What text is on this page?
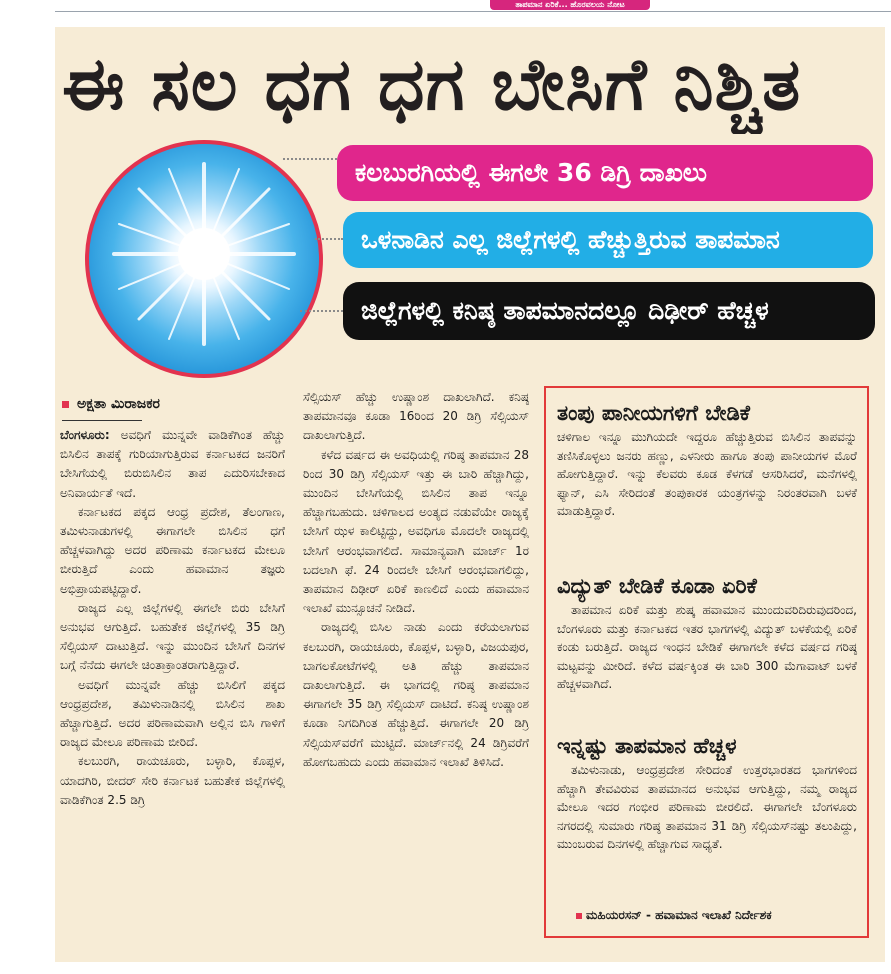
ತಾಪಮಾನ ಏರಿಕೆ... ಹೊರವಲಯ ನೋಟ
ಈ ಸಲ ಧಗ ಧಗ ಬೇಸಿಗೆ ನಿಶ್ಚಿತ
ಕಲಬುರಗಿಯಲ್ಲಿ ಈಗಲೇ 36 ಡಿಗ್ರಿ ದಾಖಲು
ಒಳನಾಡಿನ ಎಲ್ಲ ಜಿಲ್ಲೆಗಳಲ್ಲಿ ಹೆಚ್ಚುತ್ತಿರುವ ತಾಪಮಾನ
ಜಿಲ್ಲೆಗಳಲ್ಲಿ ಕನಿಷ್ಠ ತಾಪಮಾನದಲ್ಲೂ ದಿಢೀರ್ ಹೆಚ್ಚಳ
ಅಕ್ಷತಾ ಮಿರಾಜಕರ

ಬೆಂಗಳೂರು: ಅವಧಿಗೆ ಮುನ್ನವೇ ವಾಡಿಕೆಗಿಂತ ಹೆಚ್ಚು ಬಿಸಿಲಿನ ತಾಪಕ್ಕೆ ಗುರಿಯಾಗುತ್ತಿರುವ ಕರ್ನಾಟಕದ ಜನರಿಗೆ ಬೇಸಿಗೆಯಲ್ಲಿ ಬಿರುಬಿಸಿಲಿನ ತಾಪ ಎದುರಿಸಬೇಕಾದ ಅನಿವಾರ್ಯತೆ ಇದೆ.

ಕರ್ನಾಟಕದ ಪಕ್ಕದ ಆಂಧ್ರ ಪ್ರದೇಶ, ತೆಲಂಗಾಣ, ತಮಿಳುನಾಡುಗಳಲ್ಲಿ ಈಗಾಗಲೇ ಬಿಸಿಲಿನ ಧಗೆ ಹೆಚ್ಚಳವಾಗಿದ್ದು ಅದರ ಪರಿಣಾಮ ಕರ್ನಾಟಕದ ಮೇಲೂ ಬೀರುತ್ತಿದೆ ಎಂದು ಹವಾಮಾನ ತಜ್ಞರು ಅಭಿಪ್ರಾಯಪಟ್ಟಿದ್ದಾರೆ.

ರಾಜ್ಯದ ಎಲ್ಲ ಜಿಲ್ಲೆಗಳಲ್ಲಿ ಈಗಲೇ ಬಿರು ಬೇಸಿಗೆ ಅನುಭವ ಆಗುತ್ತಿದೆ. ಬಹುತೇಕ ಜಿಲ್ಲೆಗಳಲ್ಲಿ 35 ಡಿಗ್ರಿ ಸೆಲ್ಸಿಯಸ್ ದಾಟುತ್ತಿದೆ. ಇನ್ನು ಮುಂದಿನ ಬೇಸಿಗೆ ದಿನಗಳ ಬಗ್ಗೆ ನೆನೆದು ಈಗಲೇ ಚಿಂತಾಕ್ರಾಂತರಾಗುತ್ತಿದ್ದಾರೆ.

ಅವಧಿಗೆ ಮುನ್ನವೇ ಹೆಚ್ಚು ಬಿಸಿಲಿಗೆ ಪಕ್ಕದ ಆಂಧ್ರಪ್ರದೇಶ, ತಮಿಳುನಾಡಿನಲ್ಲಿ ಬಿಸಿಲಿನ ಶಾಖ ಹೆಚ್ಚಾಗುತ್ತಿದೆ. ಅದರ ಪರಿಣಾಮವಾಗಿ ಅಲ್ಲಿನ ಬಿಸಿ ಗಾಳಿಗೆ ರಾಜ್ಯದ ಮೇಲೂ ಪರಿಣಾಮ ಬೀರಿದೆ.

ಕಲಬುರಗಿ, ರಾಯಚೂರು, ಬಳ್ಳಾರಿ, ಕೊಪ್ಪಳ, ಯಾದಗಿರಿ, ಬೀದರ್ ಸೇರಿ ಕರ್ನಾಟಕ ಬಹುತೇಕ ಜಿಲ್ಲೆಗಳಲ್ಲಿ ವಾಡಿಕೆಗಿಂತ 2.5 ಡಿಗ್ರಿ

ಸೆಲ್ಸಿಯಸ್ ಹೆಚ್ಚು ಉಷ್ಣಾಂಶ ದಾಖಲಾಗಿದೆ. ಕನಿಷ್ಠ ತಾಪಮಾನವೂ ಕೂಡಾ 16ರಿಂದ 20 ಡಿಗ್ರಿ ಸೆಲ್ಸಿಯಸ್ ದಾಖಲಾಗುತ್ತಿದೆ.

ಕಳೆದ ವರ್ಷದ ಈ ಅವಧಿಯಲ್ಲಿ ಗರಿಷ್ಠ ತಾಪಮಾನ 28 ರಿಂದ 30 ಡಿಗ್ರಿ ಸೆಲ್ಸಿಯಸ್ ಇತ್ತು ಈ ಬಾರಿ ಹೆಚ್ಚಾಗಿದ್ದು, ಮುಂದಿನ ಬೇಸಿಗೆಯಲ್ಲಿ ಬಿಸಿಲಿನ ತಾಪ ಇನ್ನೂ ಹೆಚ್ಚಾಗಬಹುದು. ಚಳಿಗಾಲದ ಅಂತ್ಯದ ನಡುವೆಯೇ ರಾಜ್ಯಕ್ಕೆ ಬೇಸಿಗೆ ಝಳ ಕಾಲಿಟ್ಟಿದ್ದು, ಅವಧಿಗೂ ಮೊದಲೇ ರಾಜ್ಯದಲ್ಲಿ ಬೇಸಿಗೆ ಆರಂಭವಾಗಲಿದೆ. ಸಾಮಾನ್ಯವಾಗಿ ಮಾರ್ಚ್ 1ರ ಬದಲಾಗಿ ಫೆ. 24 ರಿಂದಲೇ ಬೇಸಿಗೆ ಆರಂಭವಾಗಲಿದ್ದು, ತಾಪಮಾನ ದಿಢೀರ್ ಏರಿಕೆ ಕಾಣಲಿದೆ ಎಂದು ಹವಾಮಾನ ಇಲಾಖೆ ಮುನ್ಸೂಚನೆ ನೀಡಿದೆ.

ರಾಜ್ಯದಲ್ಲಿ ಬಿಸಿಲ ನಾಡು ಎಂದು ಕರೆಯಲಾಗುವ ಕಲಬುರಗಿ, ರಾಯಚೂರು, ಕೊಪ್ಪಳ, ಬಳ್ಳಾರಿ, ವಿಜಯಪುರ, ಬಾಗಲಕೋಟೆಗಳಲ್ಲಿ ಅತಿ ಹೆಚ್ಚು ತಾಪಮಾನ ದಾಖಲಾಗುತ್ತಿದೆ. ಈ ಭಾಗದಲ್ಲಿ ಗರಿಷ್ಠ ತಾಪಮಾನ ಈಗಾಗಲೇ 35 ಡಿಗ್ರಿ ಸೆಲ್ಸಿಯಸ್ ದಾಟಿದೆ. ಕನಿಷ್ಠ ಉಷ್ಣಾಂಶ ಕೂಡಾ ನಿಗದಿಗಿಂತ ಹೆಚ್ಚುತ್ತಿದೆ. ಈಗಾಗಲೇ 20 ಡಿಗ್ರಿ ಸೆಲ್ಸಿಯಸ್‌ವರೆಗೆ ಮುಟ್ಟಿದೆ. ಮಾರ್ಚ್‌ನಲ್ಲಿ 24 ಡಿಗ್ರಿವರೆಗೆ ಹೋಗಬಹುದು ಎಂದು ಹವಾಮಾನ ಇಲಾಖೆ ತಿಳಿಸಿದೆ.

ತಂಪು ಪಾನೀಯಗಳಿಗೆ ಬೇಡಿಕೆ

ಚಳಿಗಾಲ ಇನ್ನೂ ಮುಗಿಯದೇ ಇದ್ದರೂ ಹೆಚ್ಚುತ್ತಿರುವ ಬಿಸಿಲಿನ ತಾಪವನ್ನು ತಣಿಸಿಕೊಳ್ಳಲು ಜನರು ಹಣ್ಣು, ಎಳನೀರು ಹಾಗೂ ತಂಪು ಪಾನೀಯಗಳ ಮೊರೆ ಹೋಗುತ್ತಿದ್ದಾರೆ. ಇನ್ನು ಕೆಲವರು ಕೂಡ ಕೆಳಗಡೆ ಆಸರಿಸಿದರೆ, ಮನೆಗಳಲ್ಲಿ ಫ್ಯಾನ್, ಎಸಿ ಸೇರಿದಂತೆ ತಂಪುಕಾರಕ ಯಂತ್ರಗಳನ್ನು ನಿರಂತರವಾಗಿ ಬಳಕೆ ಮಾಡುತ್ತಿದ್ದಾರೆ.

ವಿದ್ಯುತ್ ಬೇಡಿಕೆ ಕೂಡಾ ಏರಿಕೆ

ತಾಪಮಾನ ಏರಿಕೆ ಮತ್ತು ಶುಷ್ಕ ಹವಾಮಾನ ಮುಂದುವರಿದಿರುವುದರಿಂದ, ಬೆಂಗಳೂರು ಮತ್ತು ಕರ್ನಾಟಕದ ಇತರ ಭಾಗಗಳಲ್ಲಿ ವಿದ್ಯುತ್ ಬಳಕೆಯಲ್ಲಿ ಏರಿಕೆ ಕಂಡು ಬರುತ್ತಿದೆ. ರಾಜ್ಯದ ಇಂಧನ ಬೇಡಿಕೆ ಈಗಾಗಲೇ ಕಳೆದ ವರ್ಷದ ಗರಿಷ್ಠ ಮಟ್ಟವನ್ನು ಮೀರಿದೆ. ಕಳೆದ ವರ್ಷಕ್ಕಿಂತ ಈ ಬಾರಿ 300 ಮೆಗಾವಾಟ್ ಬಳಕೆ ಹೆಚ್ಚಳವಾಗಿದೆ.

ಇನ್ನಷ್ಟು ತಾಪಮಾನ ಹೆಚ್ಚಳ

ತಮಿಳುನಾಡು, ಆಂಧ್ರಪ್ರದೇಶ ಸೇರಿದಂತೆ ಉತ್ತರಭಾರತದ ಭಾಗಗಳಿಂದ ಹೆಚ್ಚಾಗಿ ತೇವವಿರುವ ತಾಪಮಾನದ ಅನುಭವ ಆಗುತ್ತಿದ್ದು, ನಮ್ಮ ರಾಜ್ಯದ ಮೇಲೂ ಇದರ ಗಂಭೀರ ಪರಿಣಾಮ ಬೀರಲಿದೆ. ಈಗಾಗಲೇ ಬೆಂಗಳೂರು ನಗರದಲ್ಲಿ ಸುಮಾರು ಗರಿಷ್ಠ ತಾಪಮಾನ 31 ಡಿಗ್ರಿ ಸೆಲ್ಸಿಯಸ್‌ನಷ್ಟು ತಲುಪಿದ್ದು, ಮುಂಬರುವ ದಿನಗಳಲ್ಲಿ ಹೆಚ್ಚಾಗುವ ಸಾಧ್ಯತೆ.

ಮಹಿಯರಸನ್ - ಹವಾಮಾನ ಇಲಾಖೆ ನಿರ್ದೇಶಕ
